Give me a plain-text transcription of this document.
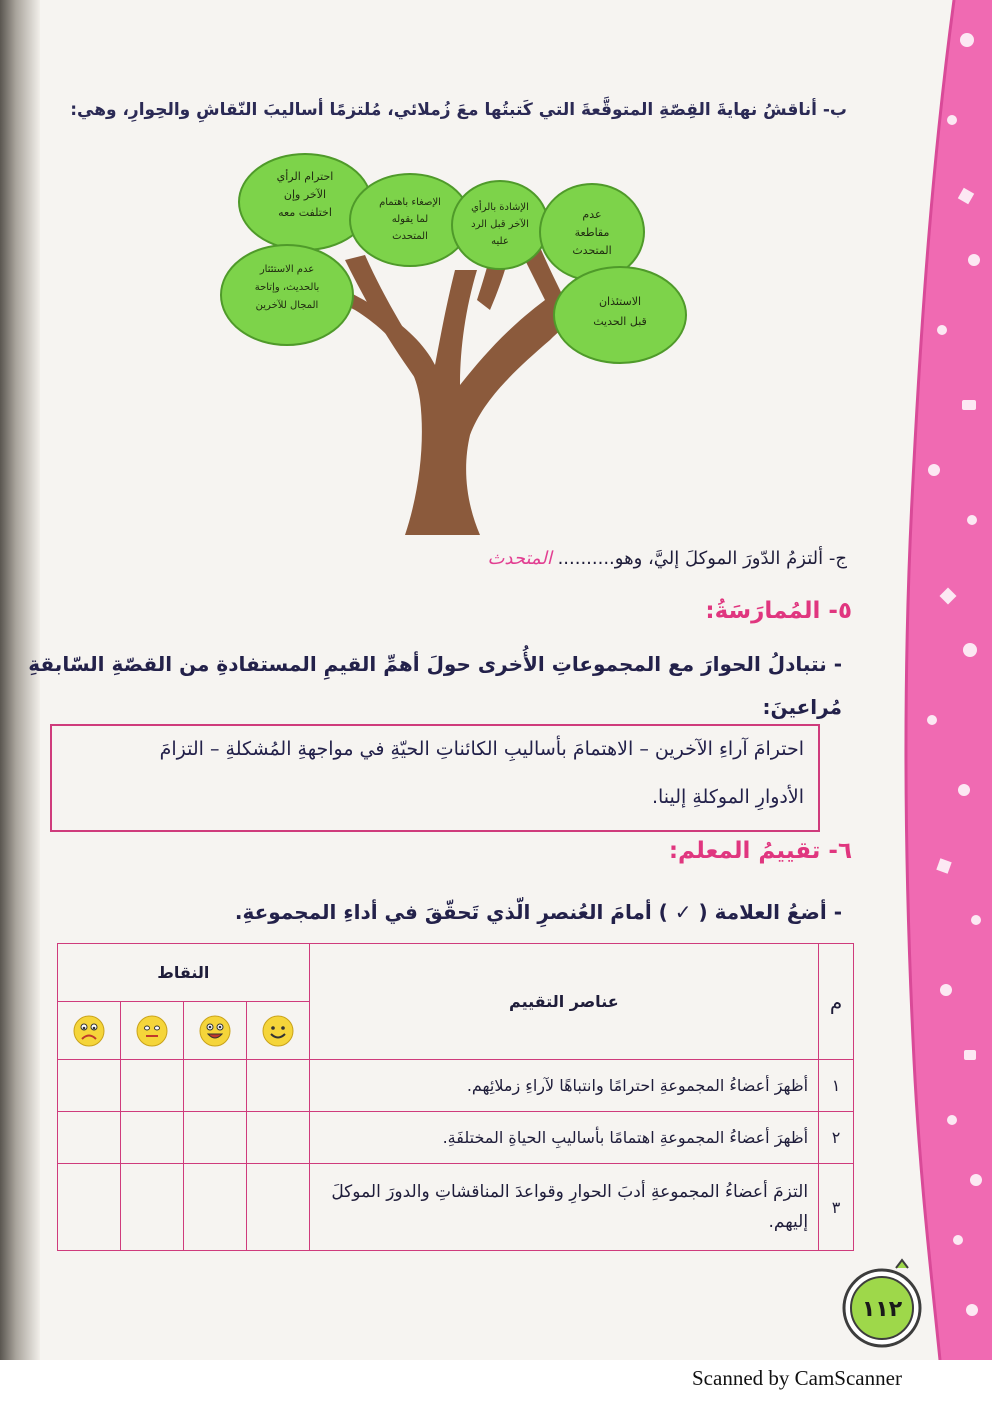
ب- أناقشُ نهايةَ القِصّةِ المتوقَّعةَ التي كَتبتُها معَ زُملائي، مُلتزمًا أساليبَ النّقاشِ والحِوارِ، وهي:
احترام الرأي
الآخر وإن
اختلفت معه
الإصغاء باهتمام
لما يقوله
المتحدث
الإشادة بالرأي
الآخر قبل الرد
عليه
عدم
مقاطعة
المتحدث
عدم الاستئثار
بالحديث، وإتاحة
المجال للآخرين	الاستئذان
قبل الحديث
ج- ألتزمُ الدّورَ الموكلَ إليَّ، وهو.......... المتحدث
٥- المُمارَسَةُ:
- نتبادلُ الحوارَ مع المجموعاتِ الأُخرى حولَ أهمِّ القيمِ المستفادةِ من القصّةِ السّابقةِ
مُراعينَ:
احترامَ آراءِ الآخرين – الاهتمامَ بأساليبِ الكائناتِ الحيّةِ في مواجهةِ المُشكلةِ – التزامَ
الأدوارِ الموكلةِ إلينا.
٦- تقييمُ المعلم:
- أضعُ العلامة ( ✓ ) أمامَ العُنصرِ الّذي تَحقّقَ في أداءِ المجموعةِ.
م	عناصر التقييم	النقاط			

١	أظهرَ أعضاءُ المجموعةِ احترامًا وانتباهًا لآراءِ زملائِهم.				
٢	أظهرَ أعضاءُ المجموعةِ اهتمامًا بأساليبِ الحياةِ المختلفَةِ.				
٣	التزمَ أعضاءُ المجموعةِ أدبَ الحوارِ وقواعدَ المناقشاتِ والدورَ الموكلَ إليهم.				
١١٢
Scanned by CamScanner
